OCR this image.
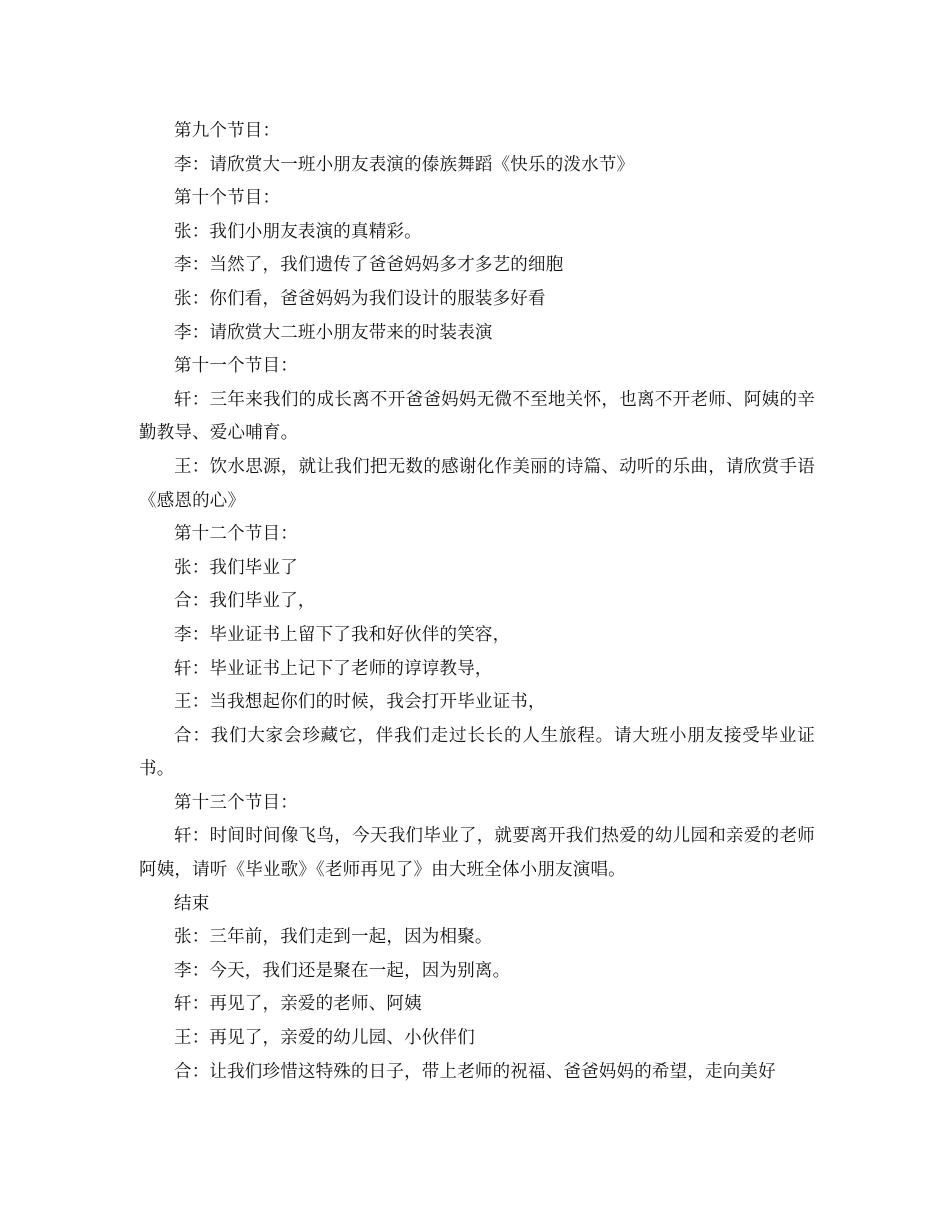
第九个节目：

李：请欣赏大一班小朋友表演的傣族舞蹈《快乐的泼水节》

第十个节目：

张：我们小朋友表演的真精彩。

李：当然了，我们遗传了爸爸妈妈多才多艺的细胞

张：你们看，爸爸妈妈为我们设计的服装多好看

李：请欣赏大二班小朋友带来的时装表演

第十一个节目：

轩：三年来我们的成长离不开爸爸妈妈无微不至地关怀，也离不开老师、阿姨的辛勤教导、爱心哺育。

王：饮水思源，就让我们把无数的感谢化作美丽的诗篇、动听的乐曲，请欣赏手语《感恩的心》

第十二个节目：

张：我们毕业了

合：我们毕业了，

李：毕业证书上留下了我和好伙伴的笑容，

轩：毕业证书上记下了老师的谆谆教导，

王：当我想起你们的时候，我会打开毕业证书，

合：我们大家会珍藏它，伴我们走过长长的人生旅程。请大班小朋友接受毕业证书。

第十三个节目：

轩：时间时间像飞鸟，今天我们毕业了，就要离开我们热爱的幼儿园和亲爱的老师阿姨，请听《毕业歌》《老师再见了》由大班全体小朋友演唱。

结束

张：三年前，我们走到一起，因为相聚。

李：今天，我们还是聚在一起，因为别离。

轩：再见了，亲爱的老师、阿姨

王：再见了，亲爱的幼儿园、小伙伴们

合：让我们珍惜这特殊的日子，带上老师的祝福、爸爸妈妈的希望，走向美好
